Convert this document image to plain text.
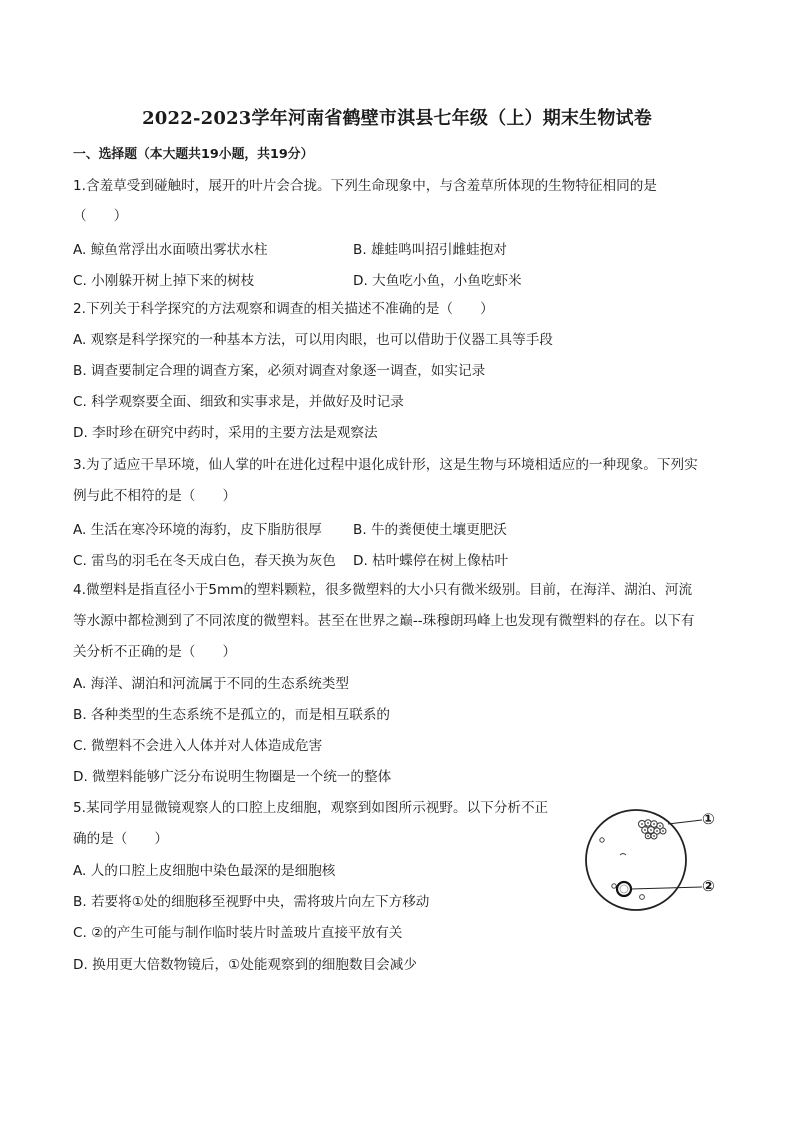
2022-2023学年河南省鹤壁市淇县七年级（上）期末生物试卷
一、选择题（本大题共19小题，共19分）
1.含羞草受到碰触时，展开的叶片会合拢。下列生命现象中，与含羞草所体现的生物特征相同的是
（　　）
A. 鲸鱼常浮出水面喷出雾状水柱	B. 雄蛙鸣叫招引雌蛙抱对
C. 小刚躲开树上掉下来的树枝	D. 大鱼吃小鱼，小鱼吃虾米
2.下列关于科学探究的方法观察和调查的相关描述不准确的是（　　）
A. 观察是科学探究的一种基本方法，可以用肉眼，也可以借助于仪器工具等手段
B. 调查要制定合理的调查方案，必须对调查对象逐一调查，如实记录
C. 科学观察要全面、细致和实事求是，并做好及时记录
D. 李时珍在研究中药时，采用的主要方法是观察法
3.为了适应干旱环境，仙人掌的叶在进化过程中退化成针形，这是生物与环境相适应的一种现象。下列实
例与此不相符的是（　　）
A. 生活在寒冷环境的海豹，皮下脂肪很厚 B. 牛的粪便使土壤更肥沃
C. 雷鸟的羽毛在冬天成白色，春天换为灰色 D. 枯叶蝶停在树上像枯叶
4.微塑料是指直径小于5mm的塑料颗粒，很多微塑料的大小只有微米级别。目前，在海洋、湖泊、河流
等水源中都检测到了不同浓度的微塑料。甚至在世界之巅--珠穆朗玛峰上也发现有微塑料的存在。以下有
关分析不正确的是（　　）
A. 海洋、湖泊和河流属于不同的生态系统类型
B. 各种类型的生态系统不是孤立的，而是相互联系的
C. 微塑料不会进入人体并对人体造成危害
D. 微塑料能够广泛分布说明生物圈是一个统一的整体
5.某同学用显微镜观察人的口腔上皮细胞，观察到如图所示视野。以下分析不正
确的是（　　）
A. 人的口腔上皮细胞中染色最深的是细胞核
B. 若要将①处的细胞移至视野中央，需将玻片向左下方移动
C. ②的产生可能与制作临时装片时盖玻片直接平放有关
D. 换用更大倍数物镜后，①处能观察到的细胞数目会减少
①
②
